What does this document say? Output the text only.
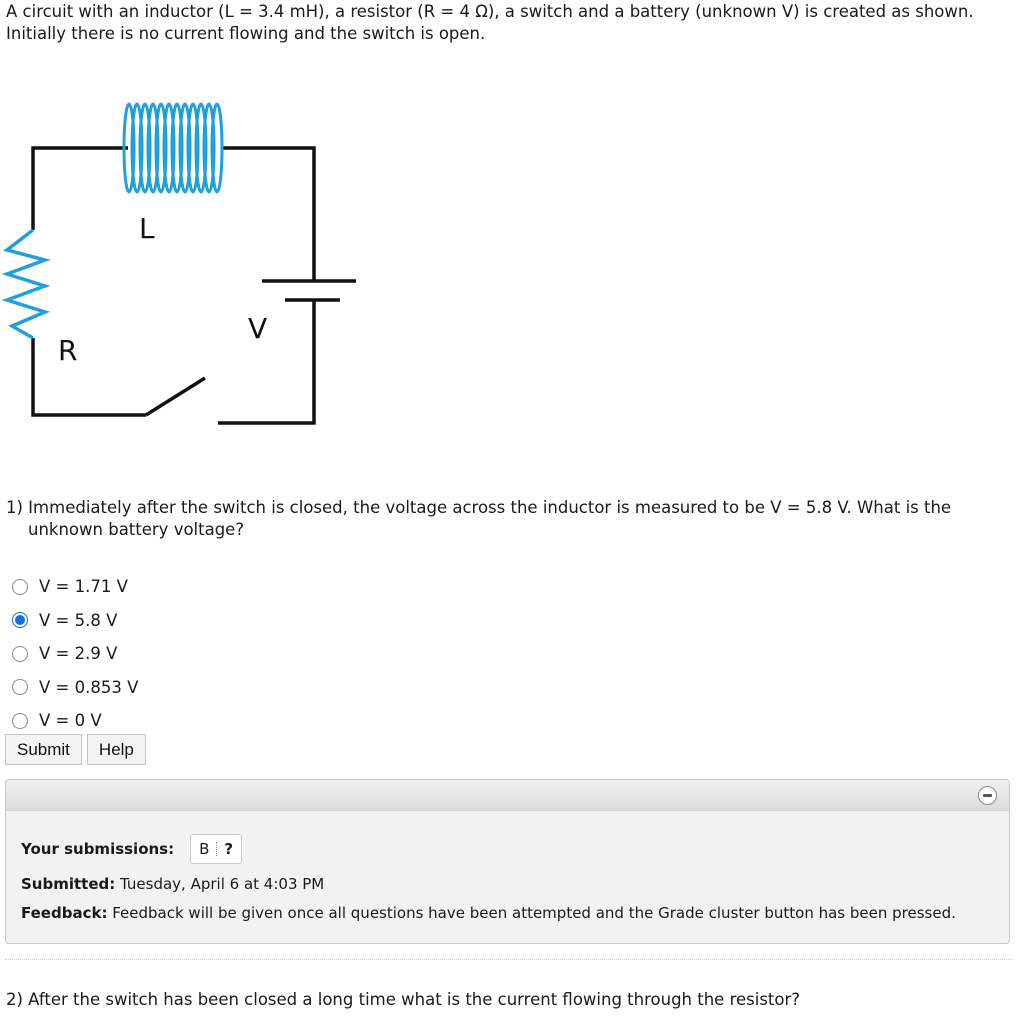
A circuit with an inductor (L = 3.4 mH), a resistor (R = 4 Ω), a switch and a battery (unknown V) is created as shown.
Initially there is no current flowing and the switch is open.
L
R
V
1) Immediately after the switch is closed, the voltage across the inductor is measured to be V = 5.8 V. What is the
unknown battery voltage?
V = 1.71 V
V = 5.8 V
V = 2.9 V
V = 0.853 V
V = 0 V
Submit	Help
Your submissions: B ?
Submitted: Tuesday, April 6 at 4:03 PM
Feedback: Feedback will be given once all questions have been attempted and the Grade cluster button has been pressed.
2) After the switch has been closed a long time what is the current flowing through the resistor?
